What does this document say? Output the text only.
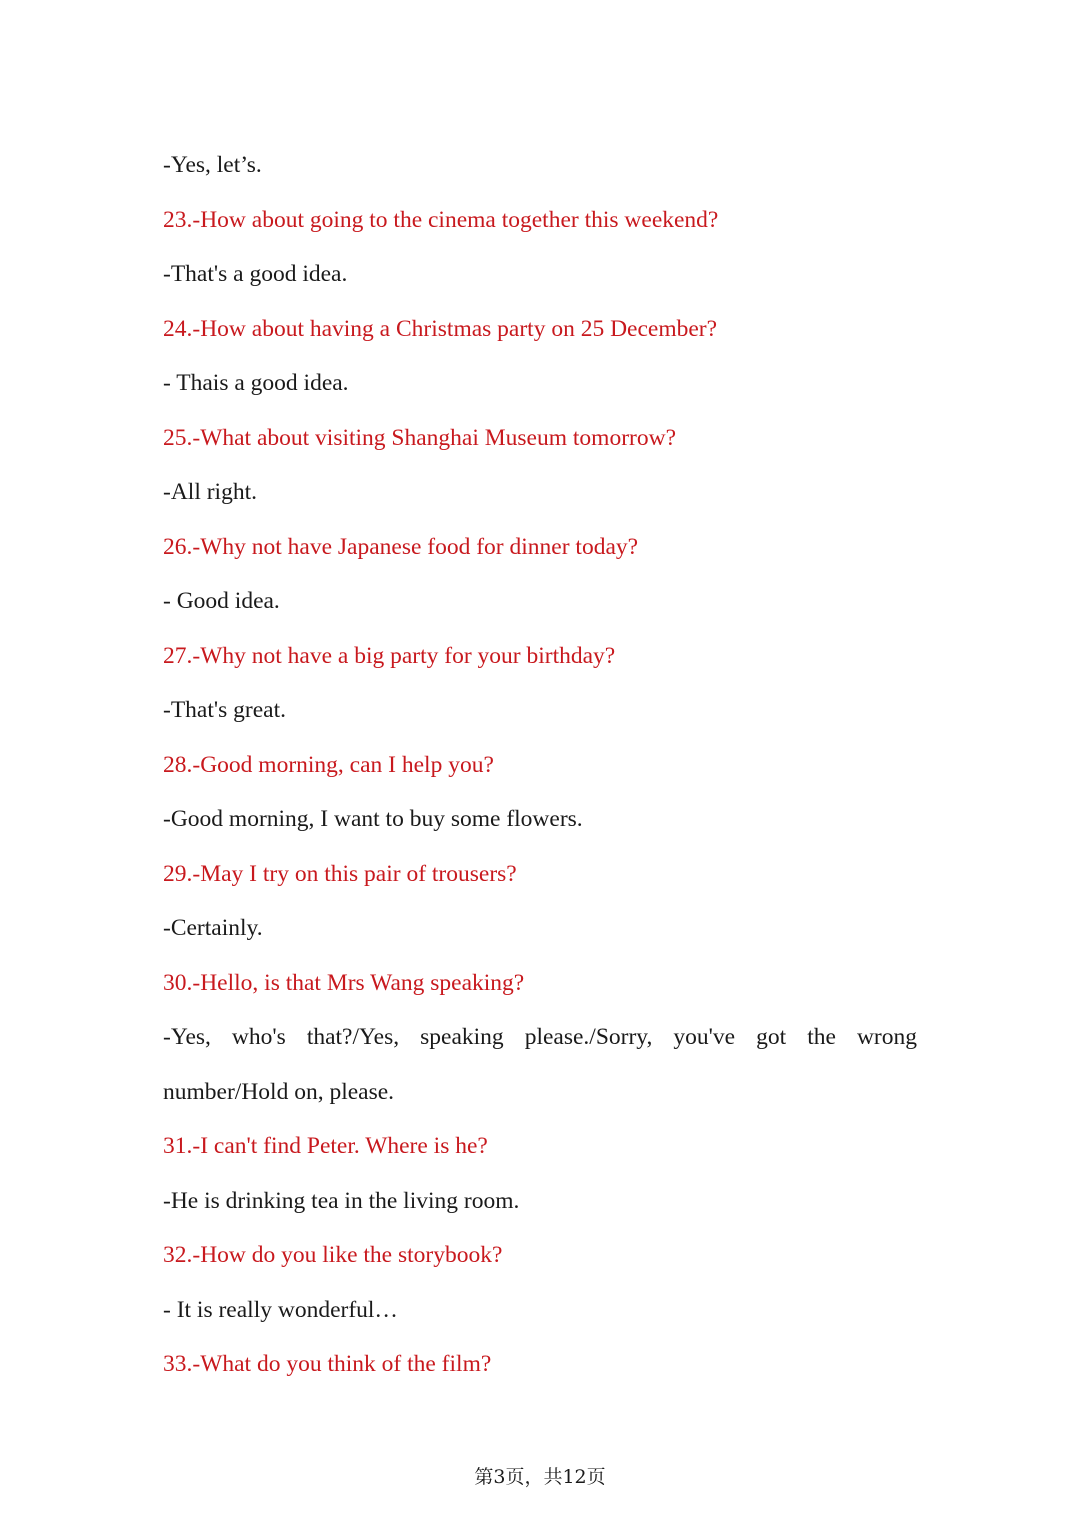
-Yes, let’s.

23.-How about going to the cinema together this weekend?

-That's a good idea.

24.-How about having a Christmas party on 25 December?

- Thais a good idea.

25.-What about visiting Shanghai Museum tomorrow?

-All right.

26.-Why not have Japanese food for dinner today?

- Good idea.

27.-Why not have a big party for your birthday?

-That's great.

28.-Good morning, can I help you?

-Good morning, I want to buy some flowers.

29.-May I try on this pair of trousers?

-Certainly.

30.-Hello, is that Mrs Wang speaking?

-Yes, who's that?/Yes, speaking please./Sorry, you've got the wrong

number/Hold on, please.

31.-I can't find Peter. Where is he?

-He is drinking tea in the living room.

32.-How do you like the storybook?

- It is really wonderful…

33.-What do you think of the film?

第3页，共12页
